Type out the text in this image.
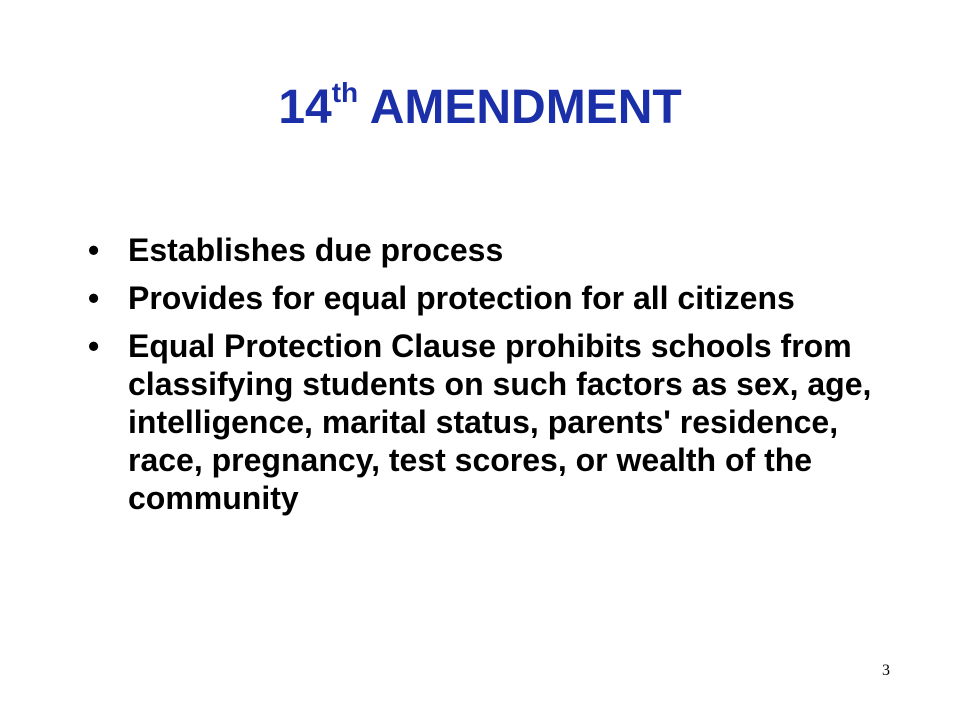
14th AMENDMENT
• Establishes due process
• Provides for equal protection for all citizens
• Equal Protection Clause prohibits schools from classifying students on such factors as sex, age, intelligence, marital status, parents' residence, race, pregnancy, test scores, or wealth of the community
3
